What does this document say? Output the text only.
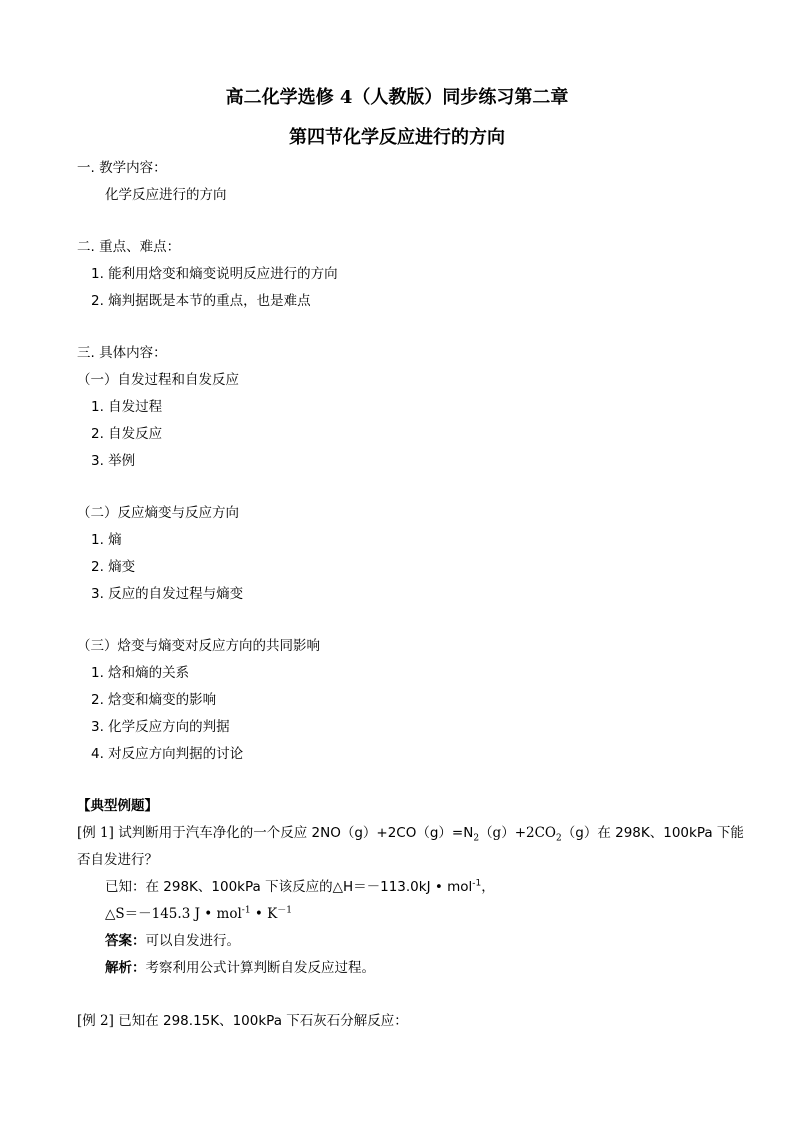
高二化学选修 4（人教版）同步练习第二章
第四节化学反应进行的方向
一. 教学内容：
化学反应进行的方向
二. 重点、难点：
1. 能利用焓变和熵变说明反应进行的方向
2. 熵判据既是本节的重点，也是难点
三. 具体内容：
（一）自发过程和自发反应
1. 自发过程
2. 自发反应
3. 举例
（二）反应熵变与反应方向
1. 熵
2. 熵变
3. 反应的自发过程与熵变
（三）焓变与熵变对反应方向的共同影响
1. 焓和熵的关系
2. 焓变和熵变的影响
3. 化学反应方向的判据
4. 对反应方向判据的讨论
【典型例题】
[例 1] 试判断用于汽车净化的一个反应 $2NO(g)+2CO(g)=N_2(g)+2CO_2(g)$在 298K、100kPa 下能
否自发进行？
已知：在 298K、100kPa 下该反应的△H＝－113.0kJ • mol$^{-1}$，
△S＝－145.3 J • mol$^{-1}$ • $K^{-1}$
答案：可以自发进行。
解析：考察利用公式计算判断自发反应过程。
[例 2] 已知在 298.15K、100kPa 下石灰石分解反应：
